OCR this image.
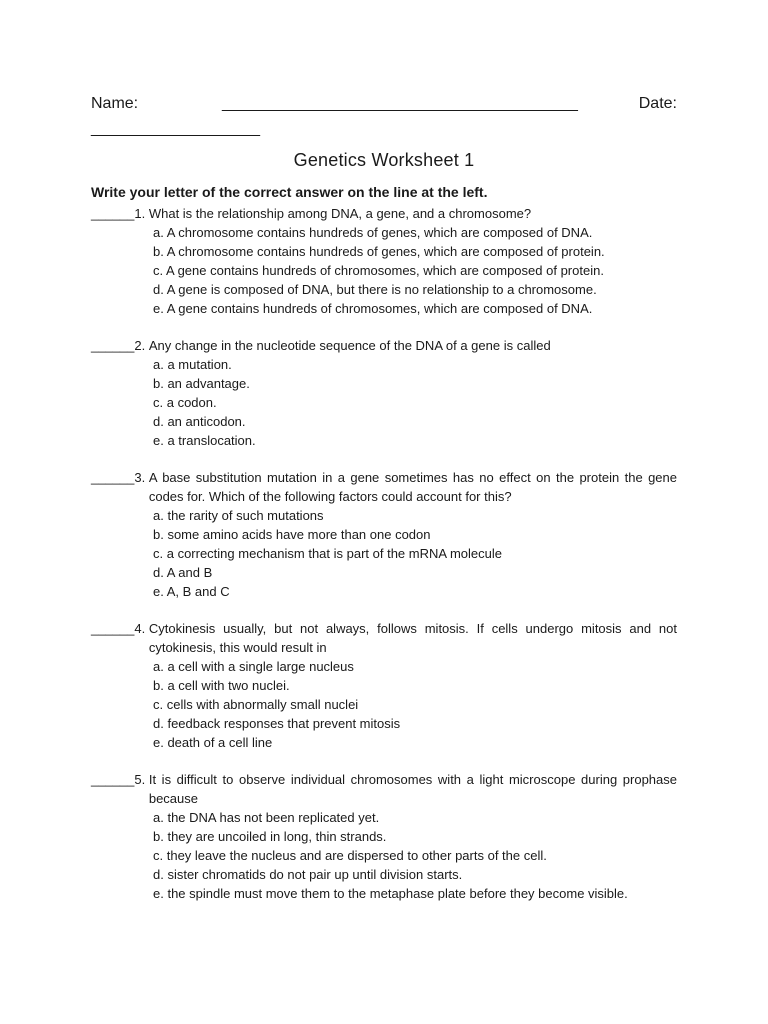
Name:	________________________________________	Date:
___________________
Genetics Worksheet 1
Write your letter of the correct answer on the line at the left.
______1. What is the relationship among DNA, a gene, and a chromosome?
a. A chromosome contains hundreds of genes, which are composed of DNA.
b. A chromosome contains hundreds of genes, which are composed of protein.
c. A gene contains hundreds of chromosomes, which are composed of protein.
d. A gene is composed of DNA, but there is no relationship to a chromosome.
e. A gene contains hundreds of chromosomes, which are composed of DNA.
______2. Any change in the nucleotide sequence of the DNA of a gene is called
a. a mutation.
b. an advantage.
c. a codon.
d. an anticodon.
e. a translocation.
______3. A base substitution mutation in a gene sometimes has no effect on the protein the gene codes for. Which of the following factors could account for this?
a. the rarity of such mutations
b. some amino acids have more than one codon
c. a correcting mechanism that is part of the mRNA molecule
d. A and B
e. A, B and C
______4. Cytokinesis usually, but not always, follows mitosis. If cells undergo mitosis and not cytokinesis, this would result in
a. a cell with a single large nucleus
b. a cell with two nuclei.
c. cells with abnormally small nuclei
d. feedback responses that prevent mitosis
e. death of a cell line
______5. It is difficult to observe individual chromosomes with a light microscope during prophase because
a. the DNA has not been replicated yet.
b. they are uncoiled in long, thin strands.
c. they leave the nucleus and are dispersed to other parts of the cell.
d. sister chromatids do not pair up until division starts.
e. the spindle must move them to the metaphase plate before they become visible.
